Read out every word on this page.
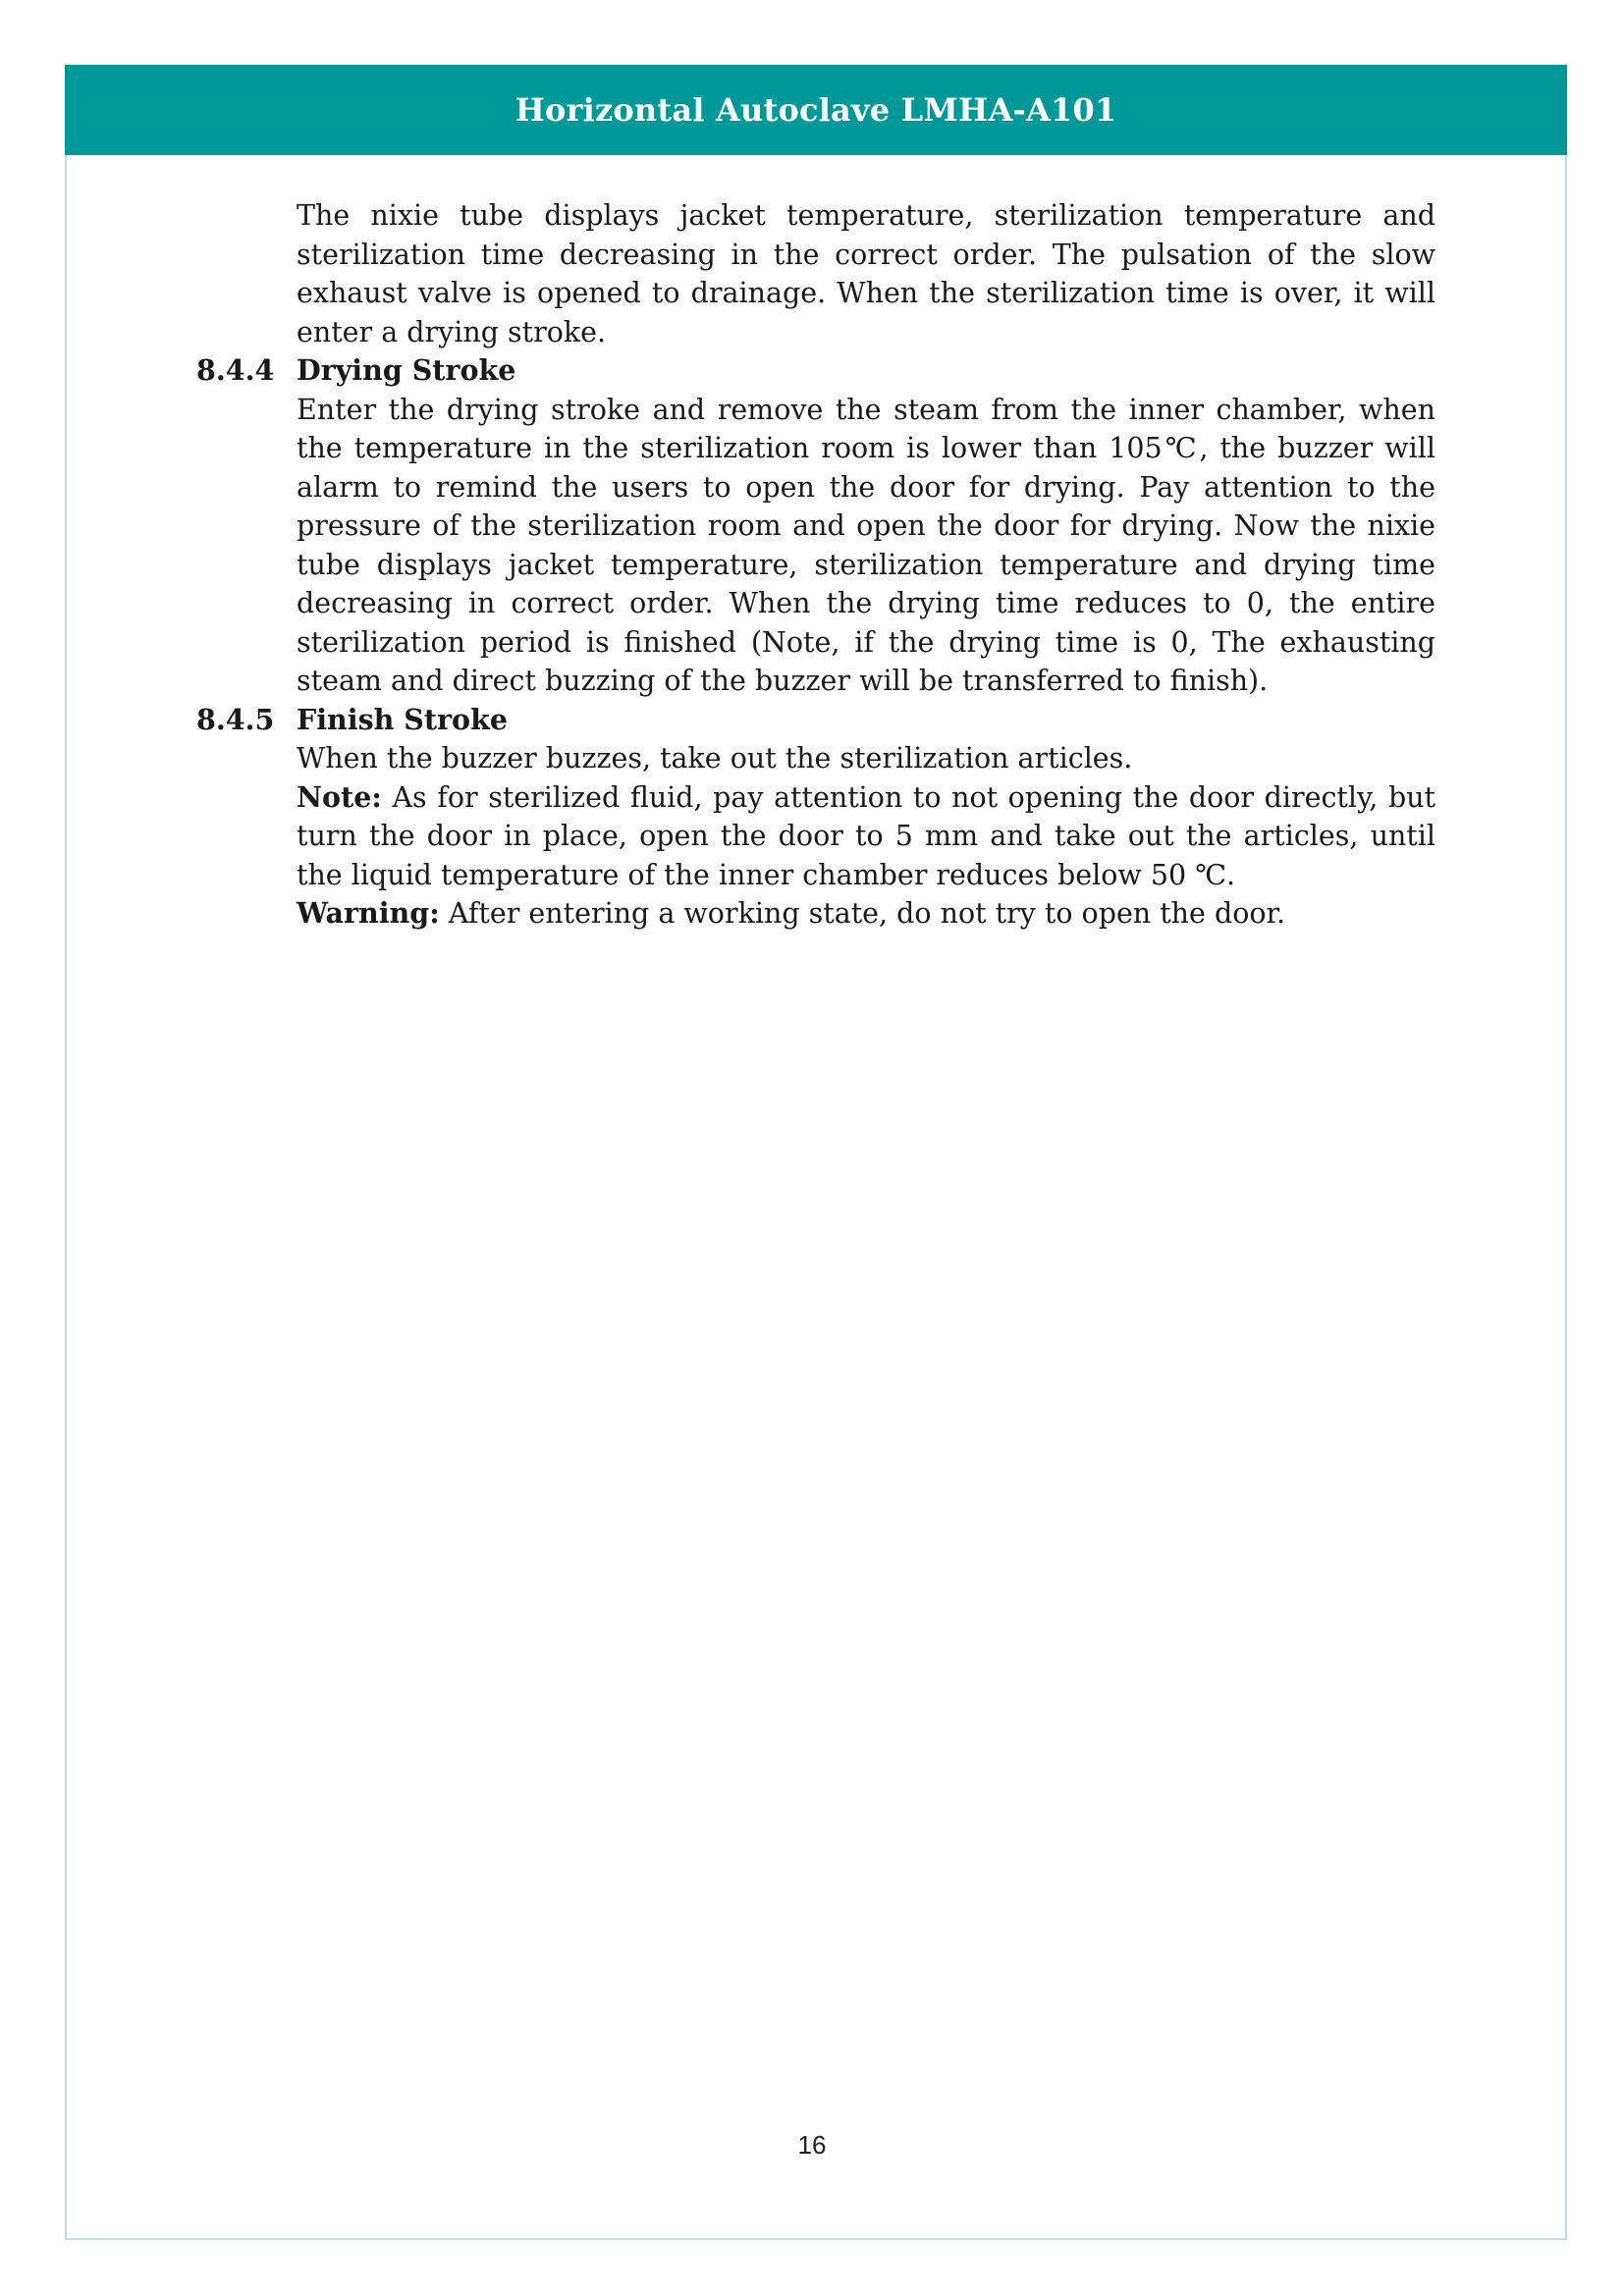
Horizontal Autoclave LMHA-A101

The nixie tube displays jacket temperature, sterilization temperature and sterilization time decreasing in the correct order. The pulsation of the slow exhaust valve is opened to drainage. When the sterilization time is over, it will enter a drying stroke.

8.4.4 Drying Stroke

Enter the drying stroke and remove the steam from the inner chamber, when the temperature in the sterilization room is lower than 105℃, the buzzer will alarm to remind the users to open the door for drying. Pay attention to the pressure of the sterilization room and open the door for drying. Now the nixie tube displays jacket temperature, sterilization temperature and drying time decreasing in correct order. When the drying time reduces to 0, the entire sterilization period is finished (Note, if the drying time is 0, The exhausting steam and direct buzzing of the buzzer will be transferred to finish).

8.4.5 Finish Stroke

When the buzzer buzzes, take out the sterilization articles.

Note: As for sterilized fluid, pay attention to not opening the door directly, but turn the door in place, open the door to 5 mm and take out the articles, until the liquid temperature of the inner chamber reduces below 50 ℃.

Warning: After entering a working state, do not try to open the door.

16
